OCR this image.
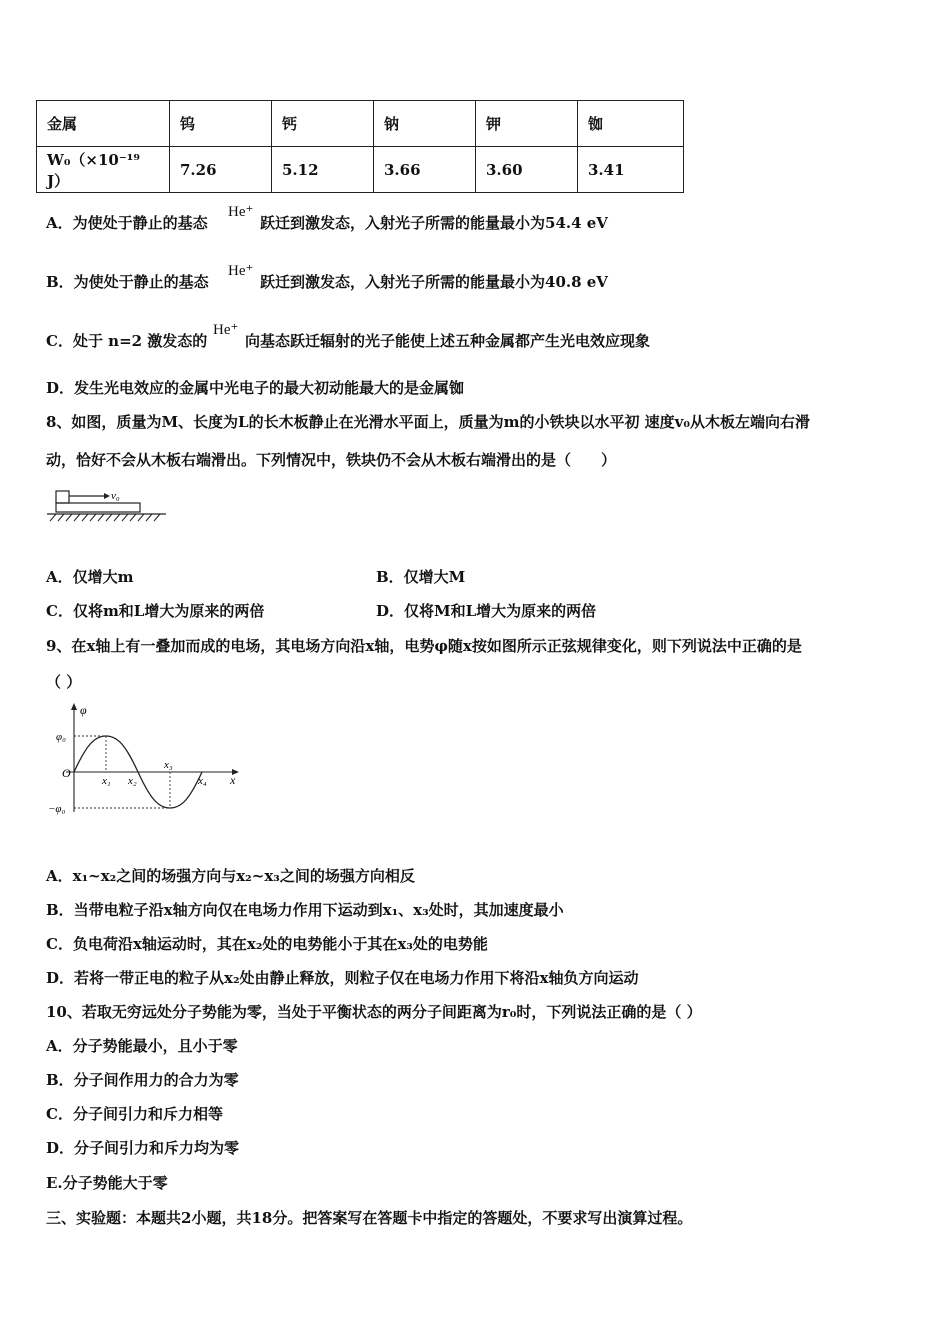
金属	钨	钙	钠	钾	铷
W₀（×10⁻¹⁹ J）	7.26	5.12	3.66	3.60	3.41
A．为使处于静止的基态
He⁺
跃迁到激发态，入射光子所需的能量最小为54.4 eV
B．为使处于静止的基态
He⁺
跃迁到激发态，入射光子所需的能量最小为40.8 eV
C．处于 n=2 激发态的
He⁺
向基态跃迁辐射的光子能使上述五种金属都产生光电效应现象
D．发生光电效应的金属中光电子的最大初动能最大的是金属铷
8、如图，质量为M、长度为L的长木板静止在光滑水平面上，质量为m的小铁块以水平初 速度v₀从木板左端向右滑
动，恰好不会从木板右端滑出。下列情况中，铁块仍不会从木板右端滑出的是（　　）
v₀
A．仅增大m	B．仅增大M
C．仅将m和L增大为原来的两倍	D．仅将M和L增大为原来的两倍
9、在x轴上有一叠加而成的电场，其电场方向沿x轴，电势φ随x按如图所示正弦规律变化，则下列说法中正确的是
（ ）
φ
φ₀
O
−φ₀
x₁ x₂
x₃
x₄ x
A．x₁~x₂之间的场强方向与x₂~x₃之间的场强方向相反
B．当带电粒子沿x轴方向仅在电场力作用下运动到x₁、x₃处时，其加速度最小
C．负电荷沿x轴运动时，其在x₂处的电势能小于其在x₃处的电势能
D．若将一带正电的粒子从x₂处由静止释放，则粒子仅在电场力作用下将沿x轴负方向运动
10、若取无穷远处分子势能为零，当处于平衡状态的两分子间距离为r₀时，下列说法正确的是（ ）
A．分子势能最小，且小于零
B．分子间作用力的合力为零
C．分子间引力和斥力相等
D．分子间引力和斥力均为零
E.分子势能大于零
三、实验题：本题共2小题，共18分。把答案写在答题卡中指定的答题处，不要求写出演算过程。
